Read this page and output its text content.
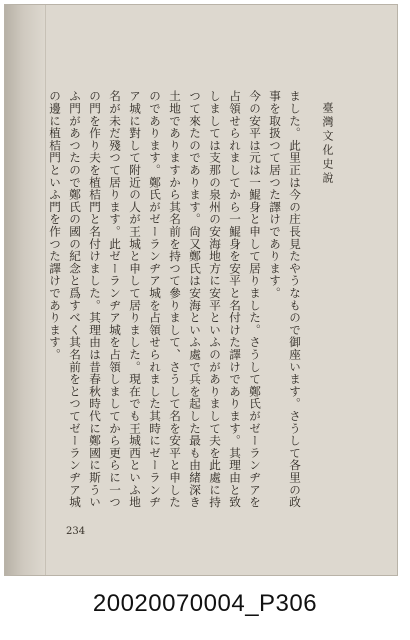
臺灣文化史說
ました。此里正は今の庄長見たやうなもので御座います。さうして各里の政事を取扱つて居つた譯けであります。
今の安平は元は一鯤身と申して居りました。さうして鄭氏がゼーランヂアを占領せられましてから一鯤身を安平と名付けた譯けであります。其理由と致しましては支那の泉州の安海地方に安平といふのがありまして夫を此處に持つて來たのであります。尙又鄭氏は安海といふ處で兵を起した最も由緒深き土地でありますから其名前を持つて參りまして、さうして名を安平と申したのであります。鄭氏がゼーランヂア城を占領せられました其時にゼーランヂア城に對して附近の人が王城と申して居りました。現在でも王城西といふ地名が未だ殘つて居ります。此ゼーランヂア城を占領しましてから更らに一つの門を作り夫を植桔門と名付けました。其理由は昔春秋時代に鄭國に斯ういふ門があつたので鄭氏の國の紀念と爲すべく其名前をとつてゼーランヂア城の邊に植桔門といふ門を作つた譯けであります。

234

20020070004_P306
